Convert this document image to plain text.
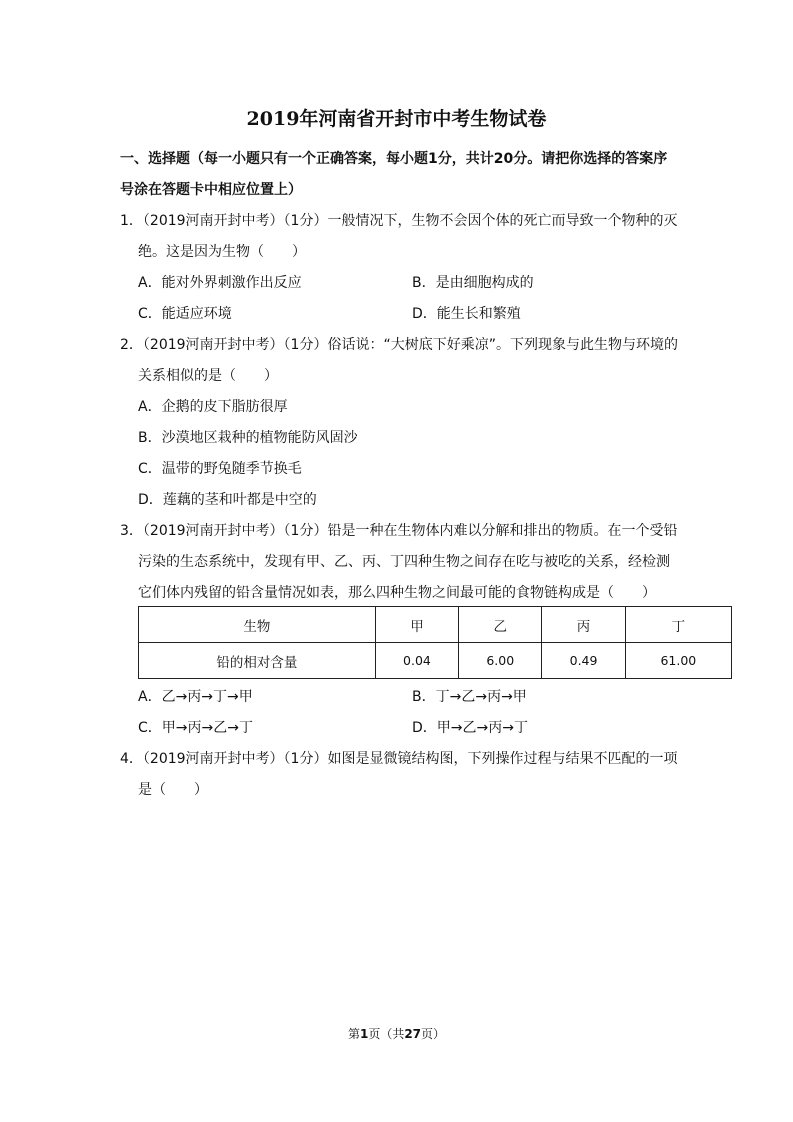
2019年河南省开封市中考生物试卷
一、选择题（每一小题只有一个正确答案，每小题1分，共计20分。请把你选择的答案序
号涂在答题卡中相应位置上）
1．（2019河南开封中考）（1分）一般情况下，生物不会因个体的死亡而导致一个物种的灭
绝。这是因为生物（　　）
A．能对外界刺激作出反应	B．是由细胞构成的
C．能适应环境	D．能生长和繁殖
2．（2019河南开封中考）（1分）俗话说：“大树底下好乘凉”。下列现象与此生物与环境的
关系相似的是（　　）
A．企鹅的皮下脂肪很厚
B．沙漠地区栽种的植物能防风固沙
C．温带的野兔随季节换毛
D．莲藕的茎和叶都是中空的
3．（2019河南开封中考）（1分）铅是一种在生物体内难以分解和排出的物质。在一个受铅
污染的生态系统中，发现有甲、乙、丙、丁四种生物之间存在吃与被吃的关系，经检测
它们体内残留的铅含量情况如表，那么四种生物之间最可能的食物链构成是（　　）
生物	甲	乙	丙	丁
铅的相对含量	0.04	6.00	0.49	61.00
A．乙→丙→丁→甲	B．丁→乙→丙→甲
C．甲→丙→乙→丁	D．甲→乙→丙→丁
4．（2019河南开封中考）（1分）如图是显微镜结构图，下列操作过程与结果不匹配的一项
是（　　）
第1页（共27页）
